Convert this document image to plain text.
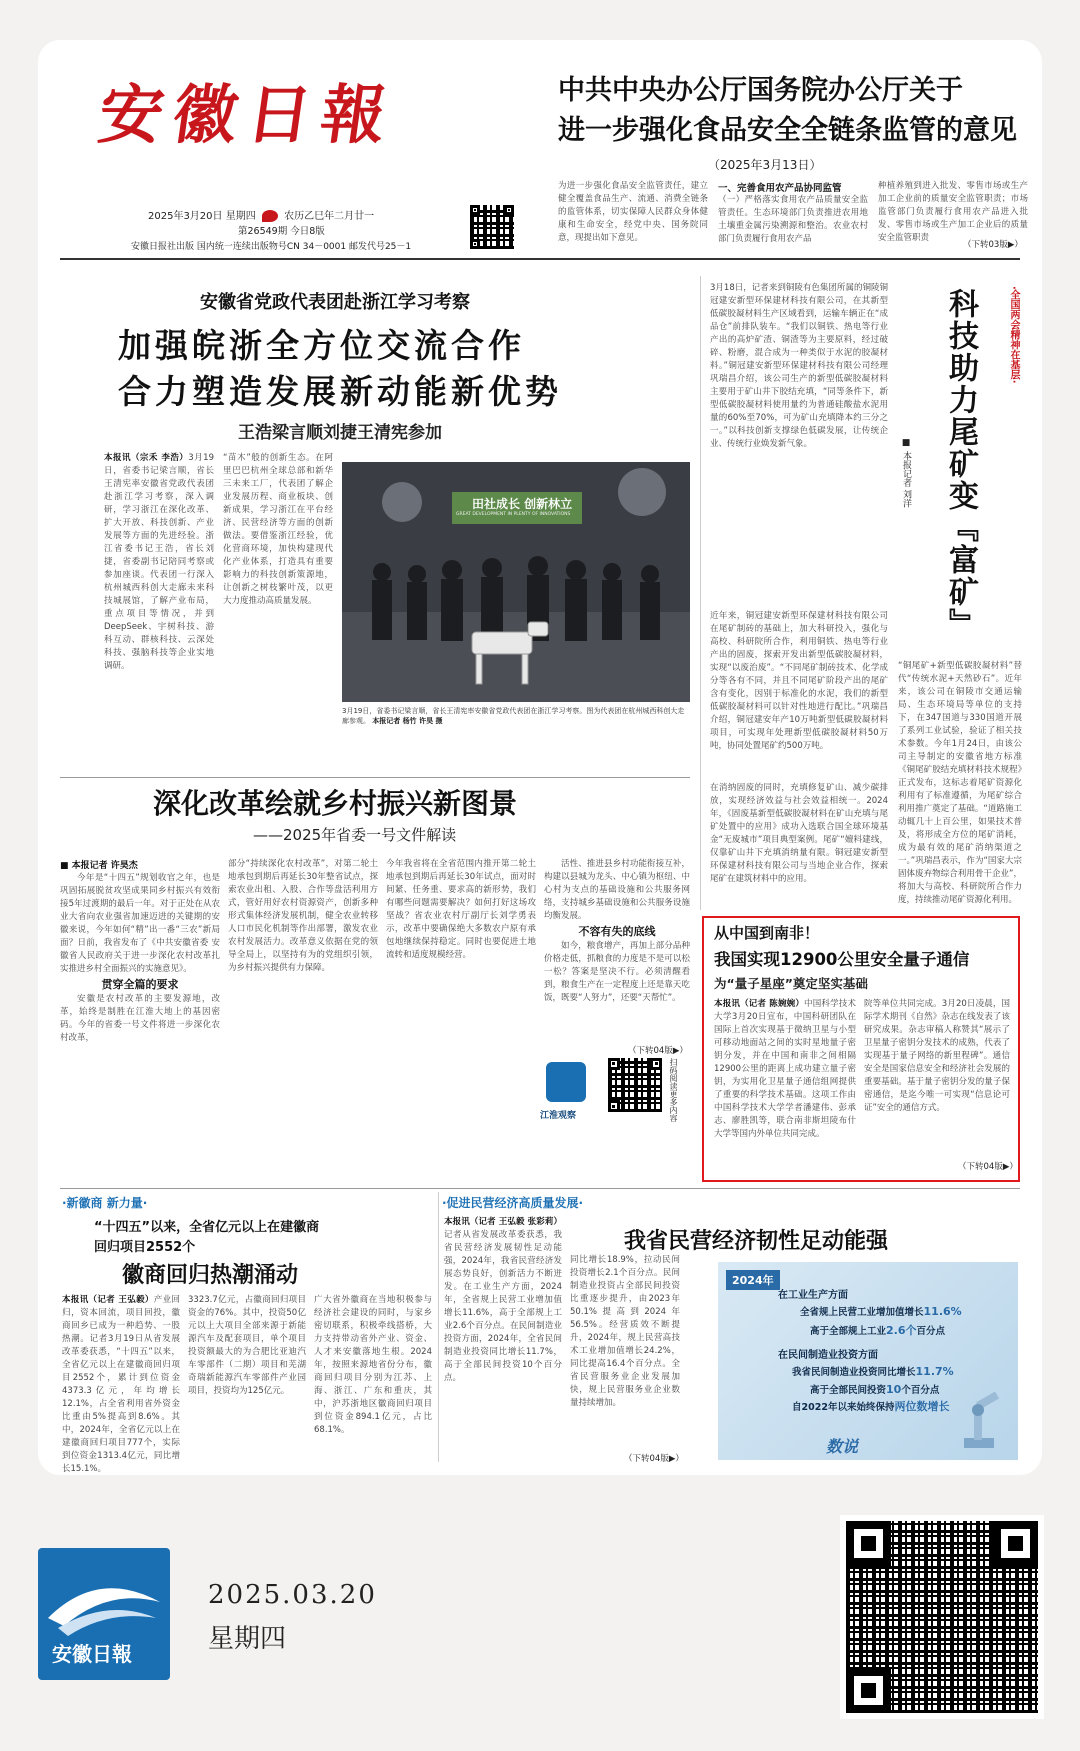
安徽日報
2025年3月20日 星期四	农历乙巳年二月廿一
第26549期 今日8版
安徽日报社出版 国内统一连续出版物号CN 34－0001 邮发代号25－1
中共中央办公厅国务院办公厅关于
进一步强化食品安全全链条监管的意见
（2025年3月13日）
为进一步强化食品安全监管责任，建立健全覆盖食品生产、流通、消费全链条的监管体系，切实保障人民群众身体健康和生命安全，经党中央、国务院同意，现提出如下意见。
一、完善食用农产品协同监管
（一）严格落实食用农产品质量安全监管责任。生态环境部门负责推进农用地土壤重金属污染溯源和整治。农业农村部门负责履行食用农产品
种植养殖到进入批发、零售市场或生产加工企业前的质量安全监管职责；市场监管部门负责履行食用农产品进入批发、零售市场或生产加工企业后的质量安全监管职责
（下转03版▶）
安徽省党政代表团赴浙江学习考察
加强皖浙全方位交流合作
合力塑造发展新动能新优势
王浩梁言顺刘捷王清宪参加
本报讯（宗禾 李浩）3月19日，省委书记梁言顺，省长王清宪率安徽省党政代表团赴浙江学习考察，深入调研，学习浙江在深化改革、扩大开放、科技创新、产业发展等方面的先进经验。浙江省委书记王浩，省长刘捷，省委副书记陪同考察或参加座谈。代表团一行深入杭州城西科创大走廊未来科技城展馆，了解产业布局，重点项目等情况，并到DeepSeek、宇树科技、游科互动、群核科技、云深处科技、强脑科技等企业实地调研。
“苗木”般的创新生态。在阿里巴巴杭州全球总部和新华三未来工厂，代表团了解企业发展历程、商业板块、创新成果，学习浙江在平台经济、民营经济等方面的创新做法。要借鉴浙江经验，优化营商环境，加快构建现代化产业体系，打造具有重要影响力的科技创新策源地，让创新之树枝繁叶茂，以更大力度推动高质量发展。
田社成长 创新林立
GREAT DEVELOPMENT IN PLENTY OF INNOVATIONS
3月19日，省委书记梁言顺，省长王清宪率安徽省党政代表团在浙江学习考察。图为代表团在杭州城西科创大走廊参观。 本报记者 杨竹 许昊 摄
3月18日，记者来到铜陵有色集团所属的铜陵铜冠建安新型环保建材科技有限公司，在其新型低碳胶凝材料生产区域看到，运输车辆正在“成品仓”前排队装车。“我们以铜铁、热电等行业产出的高炉矿渣、铜渣等为主要原料，经过破碎、粉磨，混合成为一种类似于水泥的胶凝材料。”铜冠建安新型环保建材科技有限公司经理巩瑞昌介绍，该公司生产的新型低碳胶凝材料主要用于矿山井下胶结充填，“同等条件下，新型低碳胶凝材料使用量约为普通硅酸盐水泥用量的60%至70%，可为矿山充填降本约三分之一。”以科技创新支撑绿色低碳发展，让传统企业、传统行业焕发新气象。
近年来，铜冠建安新型环保建材科技有限公司在尾矿制砖的基础上，加大科研投入，强化与高校、科研院所合作，利用铜铁、热电等行业产出的固废，探索开发出新型低碳胶凝材料，实现“以废治废”。“不同尾矿制砖技术、化学成分等各有不同，并且不同尾矿阶段产出的尾矿含有变化，因别于标准化的水泥，我们的新型低碳胶凝材料可以针对性地进行配比。”巩瑞昌介绍，铜冠建安年产10万吨新型低碳胶凝材料项目，可实现年处理新型低碳胶凝材料50万吨，协同处置尾矿约500万吨。
在消纳固废的同时，充填修复矿山、减少碳排放，实现经济效益与社会效益相统一。2024年，《固废基新型低碳胶凝材料在矿山充填与尾矿处置中的应用》成功入选联合国全球环境基金“无废城市”项目典型案例。尾矿“嬗料建线，仅靠矿山井下充填消纳量有限。铜冠建安新型环保建材科技有限公司与当地企业合作，探索尾矿在建筑材料中的应用。
·全国两会精神在基层·
科技助力尾矿变『富矿』
■ 本报记者 刘洋
“铜尾矿+新型低碳胶凝材料”替代“传统水泥+天然砂石”。近年来，该公司在铜陵市交通运输局、生态环境局等单位的支持下，在347国道与330国道开展了系列工业试验，验证了相关技术参数。今年1月24日，由该公司主导制定的安徽省地方标准《铜尾矿胶结充填材料技术规程》正式发布，这标志着尾矿资源化利用有了标准遵循，为尾矿综合利用推广奠定了基础。“道路施工动辄几十上百公里，如果技术普及，将形成全方位的尾矿消耗，成为最有效的尾矿消纳渠道之一。”巩瑞昌表示，作为“国家大宗固体废弃物综合利用骨干企业”，将加大与高校、科研院所合作力度，持续推动尾矿资源化利用。
深化改革绘就乡村振兴新图景
——2025年省委一号文件解读
■ 本报记者 许昊杰

今年是“十四五”规划收官之年，也是巩固拓展脱贫攻坚成果同乡村振兴有效衔接5年过渡期的最后一年。对于正处在从农业大省向农业强省加速迈进的关键期的安徽来说，今年如何“精”出一番“三农”新局面？日前，我省发布了《中共安徽省委 安徽省人民政府关于进一步深化农村改革扎实推进乡村全面振兴的实施意见》。

贯穿全篇的要求

安徽是农村改革的主要发源地，改革，始终是制胜在江淮大地上的基因密码。今年的省委一号文件将进一步深化农村改革，

部分“持续深化农村改革”，对第二轮土地承包到期后再延长30年整省试点，探索农业出租、入股、合作等盘活利用方式，管好用好农村资源资产，创新多种形式集体经济发展机制，健全农业转移人口市民化机制等作出部署，激发农业农村发展活力。改革意义依据在党的领导全局上，以坚持有为的党组织引领，为乡村振兴提供有力保障。
今年我省将在全省范围内推开第二轮土地承包到期后再延长30年试点，面对时间紧、任务重、要求高的新形势，我们有哪些问题需要解决？如何打好这场攻坚战？省农业农村厅副厅长刘学勇表示，改革中要确保绝大多数农户原有承包地继续保持稳定。同时也要促进土地流转和适度规模经营。

活性、推进县乡村功能衔接互补，构建以县城为龙头、中心镇为枢纽、中心村为支点的基础设施和公共服务网络，支持城乡基础设施和公共服务设施均衡发展。

不容有失的底线

如今，粮食增产，再加上部分品种价格走低，抓粮食的力度是不是可以松一松？答案是坚决不行。必须清醒看到，粮食生产在一定程度上还是靠天吃饭，既要“人努力”，还要“天帮忙”。

（下转04版▶）
江淮观察	扫码阅读更多内容
从中国到南非！
我国实现12900公里安全量子通信
为“量子星座”奠定坚实基础
本报讯（记者 陈婉婉）中国科学技术大学3月20日宣布，中国科研团队在国际上首次实现基于微纳卫星与小型可移动地面站之间的实时星地量子密钥分发，并在中国和南非之间相隔12900公里的距离上成功建立量子密钥，为实用化卫星量子通信组网提供了重要的科学技术基础。这项工作由中国科学技术大学学者潘建伟、彭承志、廖胜凯等，联合南非斯坦陵布什大学等国内外单位共同完成。
院等单位共同完成。3月20日凌晨，国际学术期刊《自然》杂志在线发表了该研究成果。杂志审稿人称赞其“展示了卫星量子密钥分发技术的成熟，代表了实现基于量子网络的新里程碑”。通信安全是国家信息安全和经济社会发展的重要基础。基于量子密钥分发的量子保密通信，是迄今唯一可实现“信息论可证”安全的通信方式。
（下转04版▶）
·新徽商 新力量·
“十四五”以来，全省亿元以上在建徽商
回归项目2552个
徽商回归热潮涌动
本报讯（记者 王弘毅）产业回归，资本回流，项目回投，徽商回乡已成为一种趋势、一股热潮。记者3月19日从省发展改革委获悉，“十四五”以来，全省亿元以上在建徽商回归项目2552个，累计到位资金4373.3亿元，年均增长12.1%，占全省利用省外资金比重由5%提高到8.6%。其中，2024年，全省亿元以上在建徽商回归项目777个，实际到位资金1313.4亿元，同比增长15.1%。
3323.7亿元，占徽商回归项目资金的76%。其中，投资50亿元以上大项目全部来源于新能源汽车及配套项目，单个项目投资额最大的为合肥比亚迪汽车零部件（二期）项目和芜湖奇瑞新能源汽车零部件产业园项目，投资均为125亿元。
广大省外徽商在当地积极参与经济社会建设的同时，与家乡密切联系，积极牵线搭桥，大力支持带动省外产业、资金、人才来安徽落地生根。2024年，按照来源地省份分布，徽商回归项目分别为江苏、上海、浙江、广东和重庆，其中，沪苏浙地区徽商回归项目到位资金894.1亿元，占比68.1%。
·促进民营经济高质量发展·
本报讯（记者 王弘毅 张彩莉）记者从省发展改革委获悉，我省民营经济发展韧性足动能强，2024年，我省民营经济发展态势良好，创新活力不断迸发。在工业生产方面，2024年，全省规上民营工业增加值增长11.6%，高于全部规上工业2.6个百分点。在民间制造业投资方面，2024年，全省民间制造业投资同比增长11.7%，高于全部民间投资10个百分点。
同比增长18.9%，拉动民间投资增长2.1个百分点。民间制造业投资占全部民间投资比重逐步提升，由2023年50.1%提高到2024年56.5%。经营质效不断提升，2024年，规上民营高技术工业增加值增长24.2%，同比提高16.4个百分点。全省民营服务业企业发展加快，规上民营服务业企业数量持续增加。
（下转04版▶）
我省民营经济韧性足动能强
2024年
在工业生产方面
全省规上民营工业增加值增长11.6%
高于全部规上工业2.6个百分点
在民间制造业投资方面
我省民间制造业投资同比增长11.7%
高于全部民间投资10个百分点
自2022年以来始终保持两位数增长
数说
安徽日報
2025.03.20
星期四
